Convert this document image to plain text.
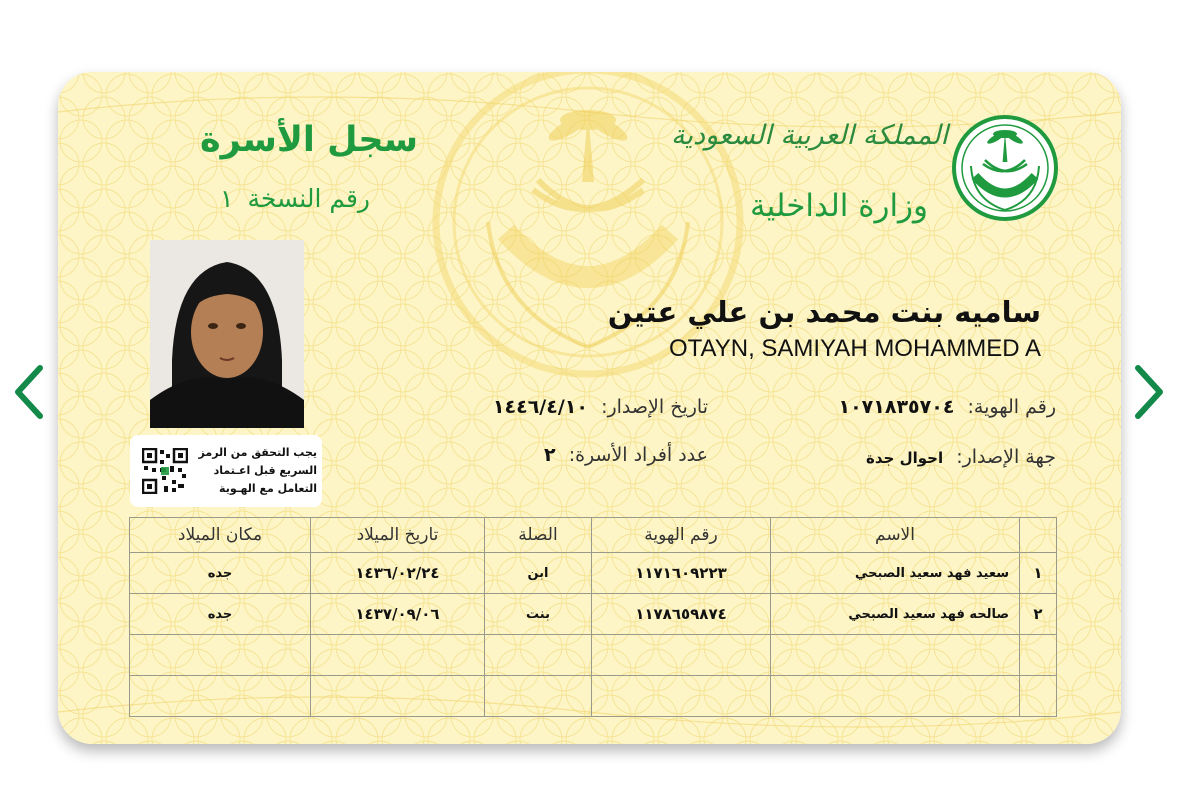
سجل الأسرة
رقم النسخة
١
المملكة العربية السعودية
وزارة الداخلية
يجب التحقق من الرمز
السريع قبل اعـتماد
التعامل مع الهـوية
ساميه بنت محمد بن علي عتين
OTAYN, SAMIYAH MOHAMMED A
رقم الهوية: ١٠٧١٨٣٥٧٠٤
تاريخ الإصدار: ١٤٤٦/٤/١٠
جهة الإصدار: احوال جدة
عدد أفراد الأسرة: ٢
	الاسم	رقم الهوية	الصلة	تاريخ الميلاد	مكان الميلاد
١	سعيد فهد سعيد الصبحي	١١٧١٦٠٩٢٢٣	ابن	١٤٣٦/٠٢/٢٤	جده
٢	صالحه فهد سعيد الصبحي	١١٧٨٦٥٩٨٧٤	بنت	١٤٣٧/٠٩/٠٦	جده
